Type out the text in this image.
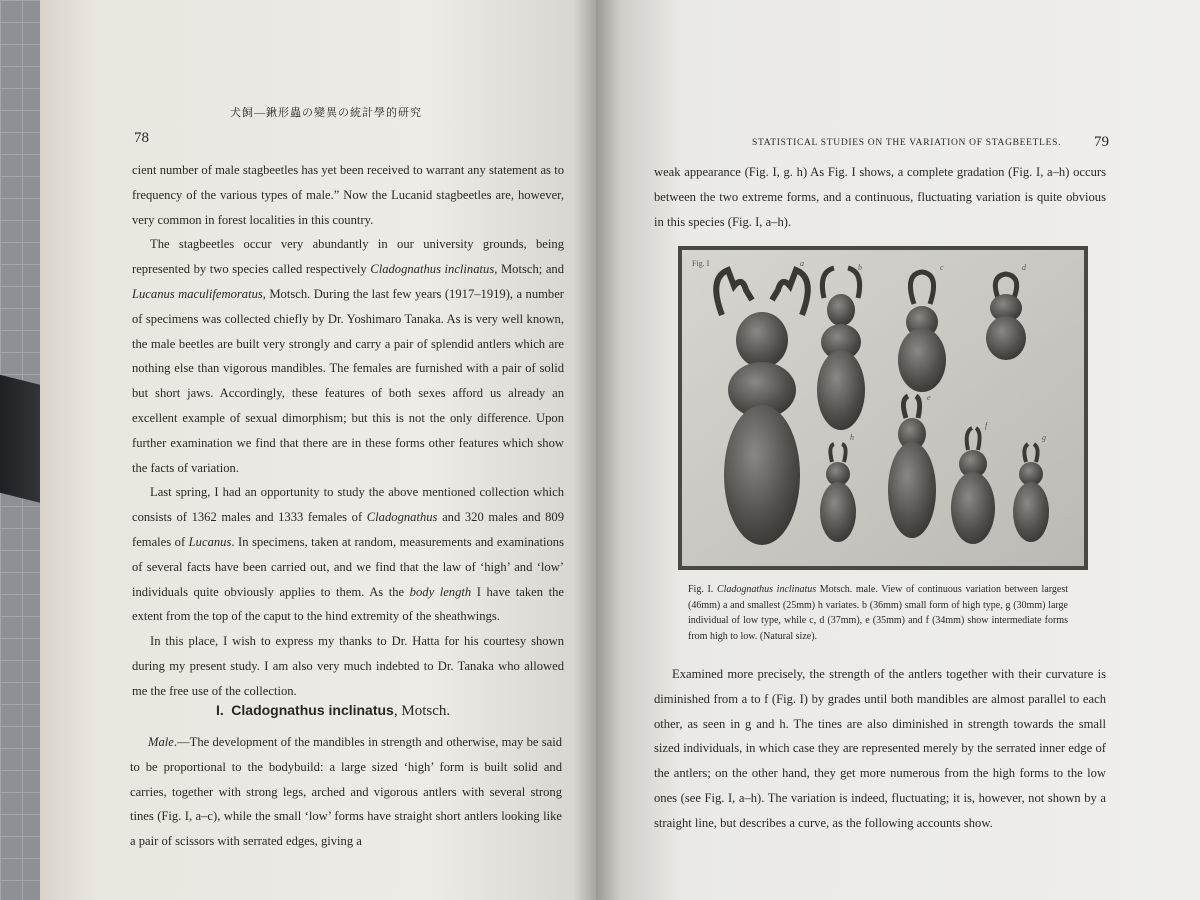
78
犬飼—鍬形蟲の變異の統計學的研究

cient number of male stagbeetles has yet been received to warrant any statement as to frequency of the various types of male.” Now the Lucanid stagbeetles are, however, very common in forest localities in this country.

The stagbeetles occur very abundantly in our university grounds, being represented by two species called respectively Cladognathus inclinatus, Motsch; and Lucanus maculifemoratus, Motsch. During the last few years (1917–1919), a number of specimens was collected chiefly by Dr. Yoshimaro Tanaka. As is very well known, the male beetles are built very strongly and carry a pair of splendid antlers which are nothing else than vigorous mandibles. The females are furnished with a pair of solid but short jaws. Accordingly, these features of both sexes afford us already an excellent example of sexual dimorphism; but this is not the only difference. Upon further examination we find that there are in these forms other features which show the facts of variation.

Last spring, I had an opportunity to study the above mentioned collection which consists of 1362 males and 1333 females of Cladognathus and 320 males and 809 females of Lucanus. In specimens, taken at random, measurements and examinations of several facts have been carried out, and we find that the law of ‘high’ and ‘low’ individuals quite obviously applies to them. As the body length I have taken the extent from the top of the caput to the hind extremity of the sheathwings.

In this place, I wish to express my thanks to Dr. Hatta for his courtesy shown during my present study. I am also very much indebted to Dr. Tanaka who allowed me the free use of the collection.

I. Cladognathus inclinatus, Motsch.

Male.—The development of the mandibles in strength and otherwise, may be said to be proportional to the bodybuild: a large sized ‘high’ form is built solid and carries, together with strong legs, arched and vigorous antlers with several strong tines (Fig. I, a–c), while the small ‘low’ forms have straight short antlers looking like a pair of scissors with serrated edges, giving a

STATISTICAL STUDIES ON THE VARIATION OF STAGBEETLES. 79
weak appearance (Fig. I, g. h) As Fig. I shows, a complete gradation (Fig. I, a–h) occurs between the two extreme forms, and a continuous, fluctuating variation is quite obvious in this species (Fig. I, a–h).
Fig. I	a	b	c	d
e
f
g
h
Fig. I. Cladognathus inclinatus Motsch. male. View of continuous variation between largest (46mm) a and smallest (25mm) h variates. b (36mm) small form of high type, g (30mm) large individual of low type, while c, d (37mm), e (35mm) and f (34mm) show intermediate forms from high to low. (Natural size).
Examined more precisely, the strength of the antlers together with their curvature is diminished from a to f (Fig. I) by grades until both mandibles are almost parallel to each other, as seen in g and h. The tines are also diminished in strength towards the small sized individuals, in which case they are represented merely by the serrated inner edge of the antlers; on the other hand, they get more numerous from the high forms to the low ones (see Fig. I, a–h). The variation is indeed, fluctuating; it is, however, not shown by a straight line, but describes a curve, as the following accounts show.
